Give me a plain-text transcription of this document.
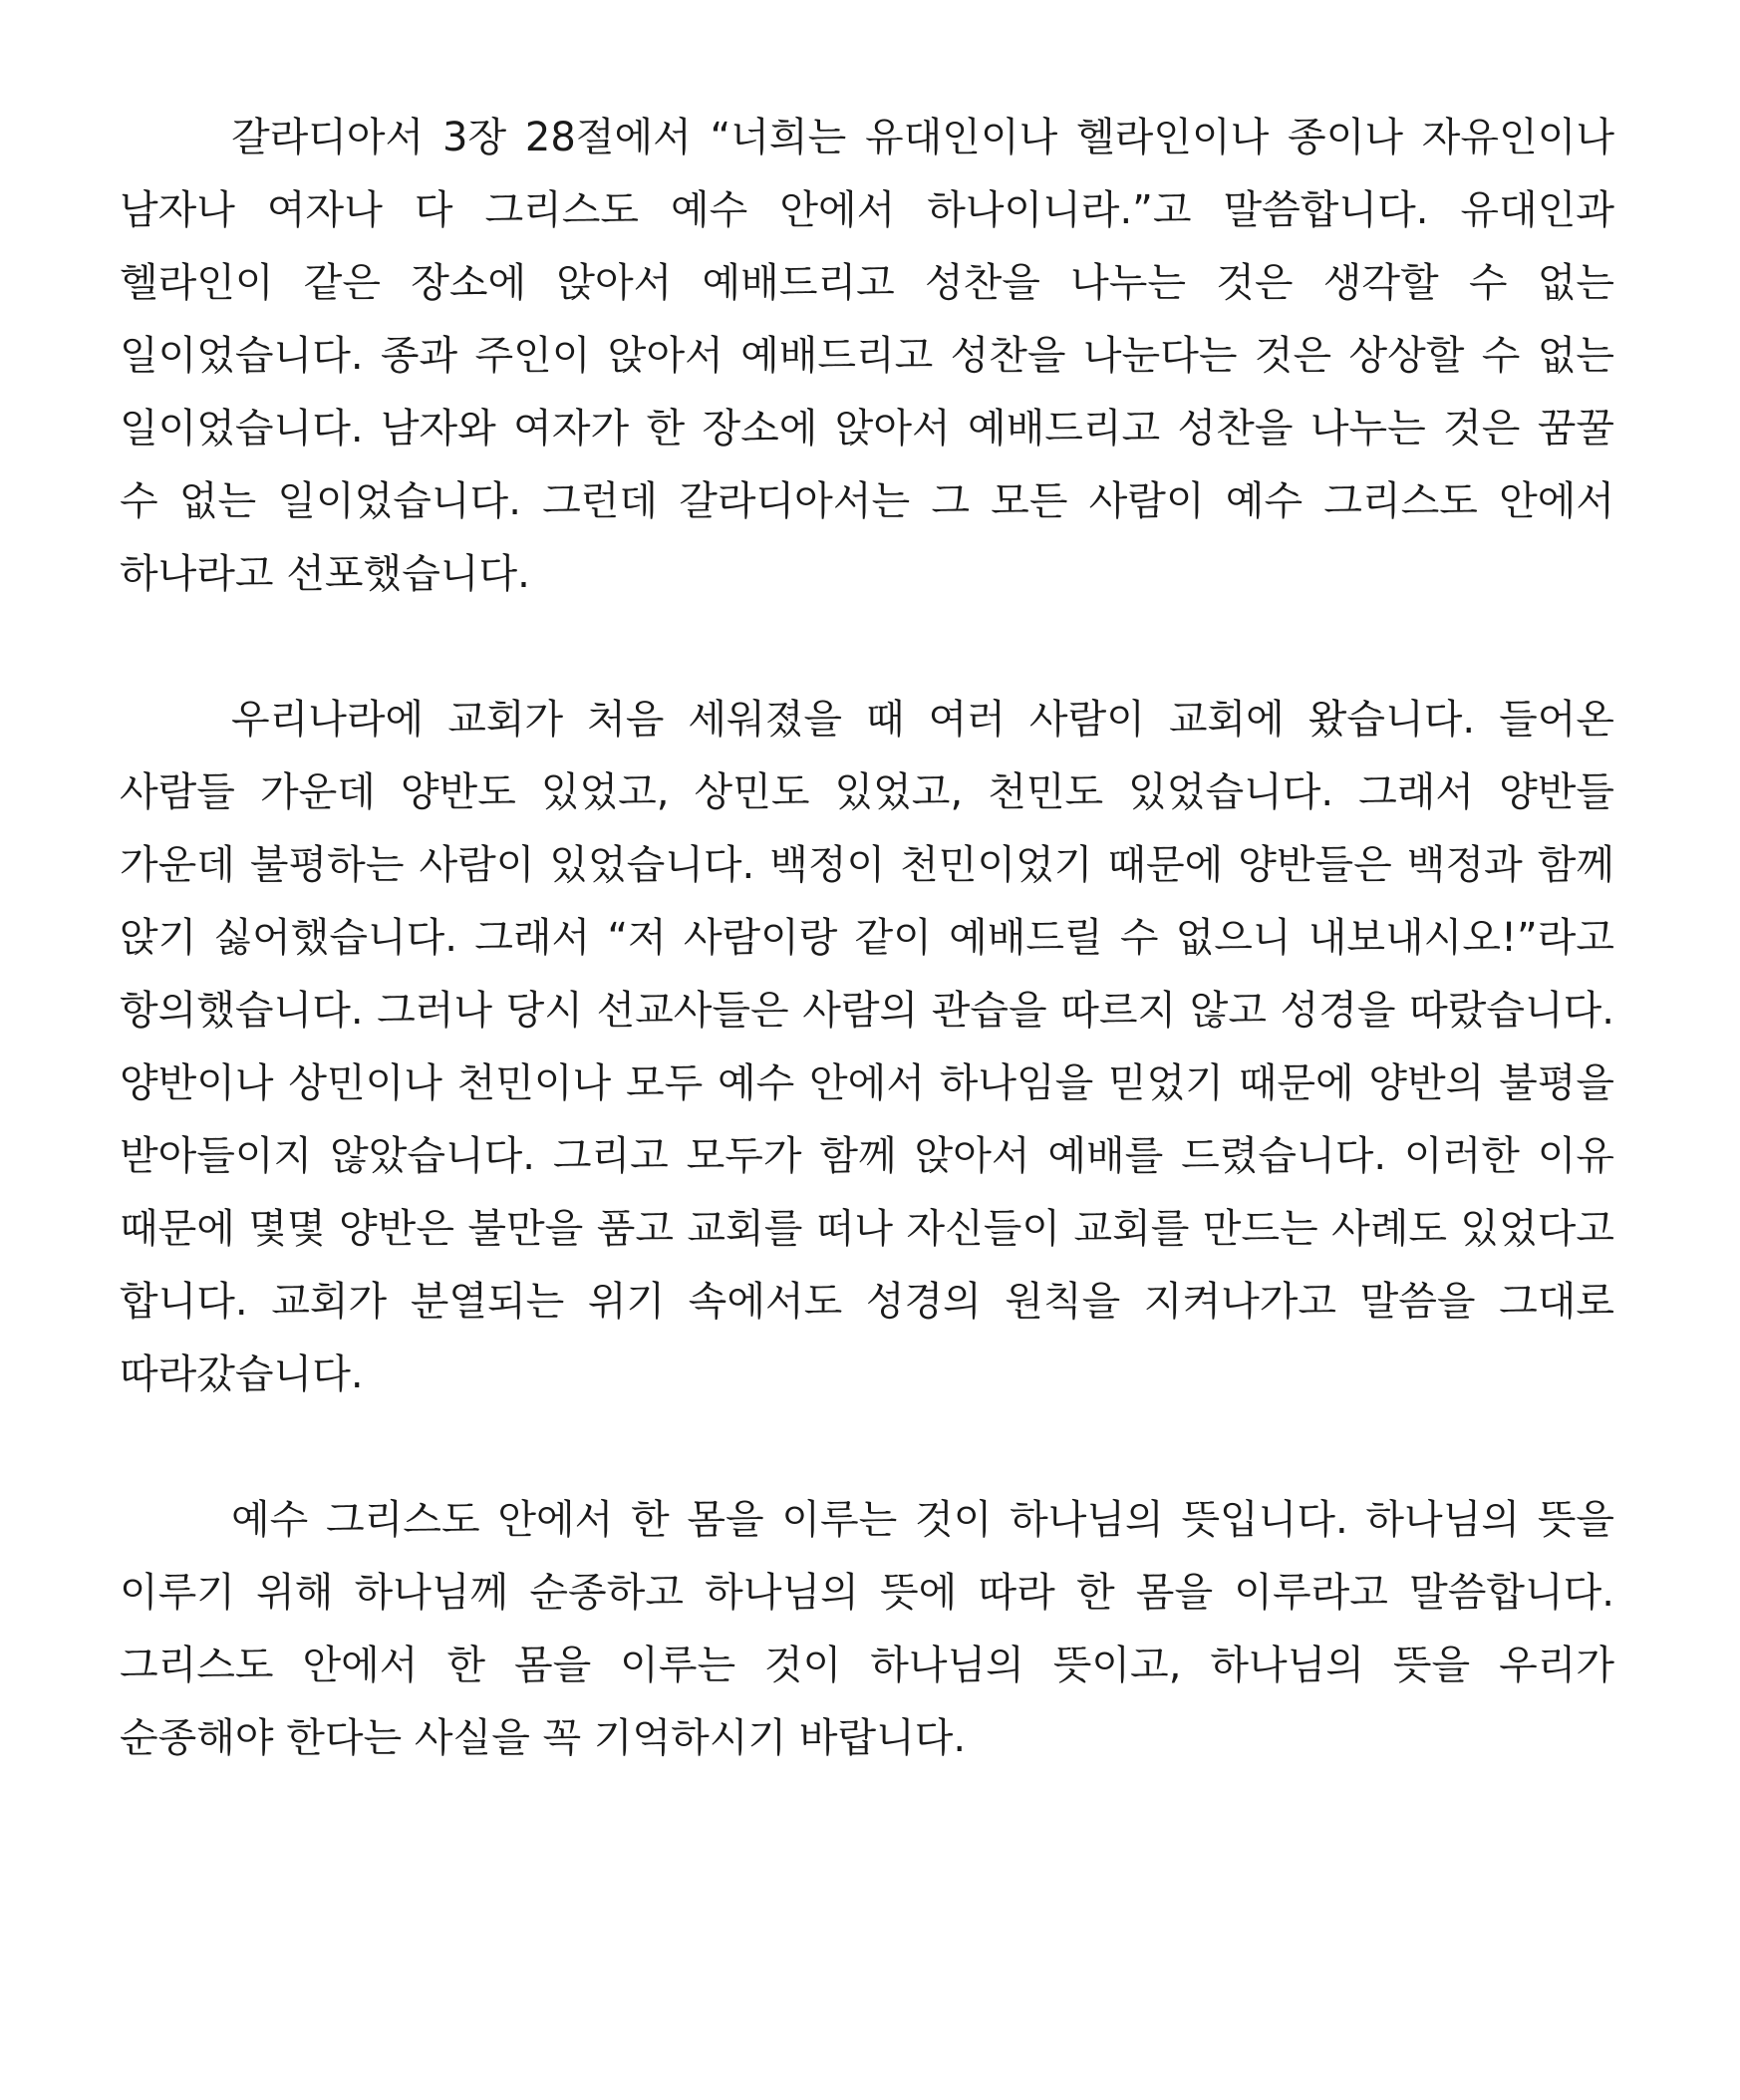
갈라디아서 3장 28절에서 “너희는 유대인이나 헬라인이나 종이나 자유인이나 남자나 여자나 다 그리스도 예수 안에서 하나이니라.”고 말씀합니다. 유대인과 헬라인이 같은 장소에 앉아서 예배드리고 성찬을 나누는 것은 생각할 수 없는 일이었습니다. 종과 주인이 앉아서 예배드리고 성찬을 나눈다는 것은 상상할 수 없는 일이었습니다. 남자와 여자가 한 장소에 앉아서 예배드리고 성찬을 나누는 것은 꿈꿀 수 없는 일이었습니다. 그런데 갈라디아서는 그 모든 사람이 예수 그리스도 안에서 하나라고 선포했습니다.

우리나라에 교회가 처음 세워졌을 때 여러 사람이 교회에 왔습니다. 들어온 사람들 가운데 양반도 있었고, 상민도 있었고, 천민도 있었습니다. 그래서 양반들 가운데 불평하는 사람이 있었습니다. 백정이 천민이었기 때문에 양반들은 백정과 함께 앉기 싫어했습니다. 그래서 “저 사람이랑 같이 예배드릴 수 없으니 내보내시오!”라고 항의했습니다. 그러나 당시 선교사들은 사람의 관습을 따르지 않고 성경을 따랐습니다. 양반이나 상민이나 천민이나 모두 예수 안에서 하나임을 믿었기 때문에 양반의 불평을 받아들이지 않았습니다. 그리고 모두가 함께 앉아서 예배를 드렸습니다. 이러한 이유 때문에 몇몇 양반은 불만을 품고 교회를 떠나 자신들이 교회를 만드는 사례도 있었다고 합니다. 교회가 분열되는 위기 속에서도 성경의 원칙을 지켜나가고 말씀을 그대로 따라갔습니다.

예수 그리스도 안에서 한 몸을 이루는 것이 하나님의 뜻입니다. 하나님의 뜻을 이루기 위해 하나님께 순종하고 하나님의 뜻에 따라 한 몸을 이루라고 말씀합니다. 그리스도 안에서 한 몸을 이루는 것이 하나님의 뜻이고, 하나님의 뜻을 우리가 순종해야 한다는 사실을 꼭 기억하시기 바랍니다.
